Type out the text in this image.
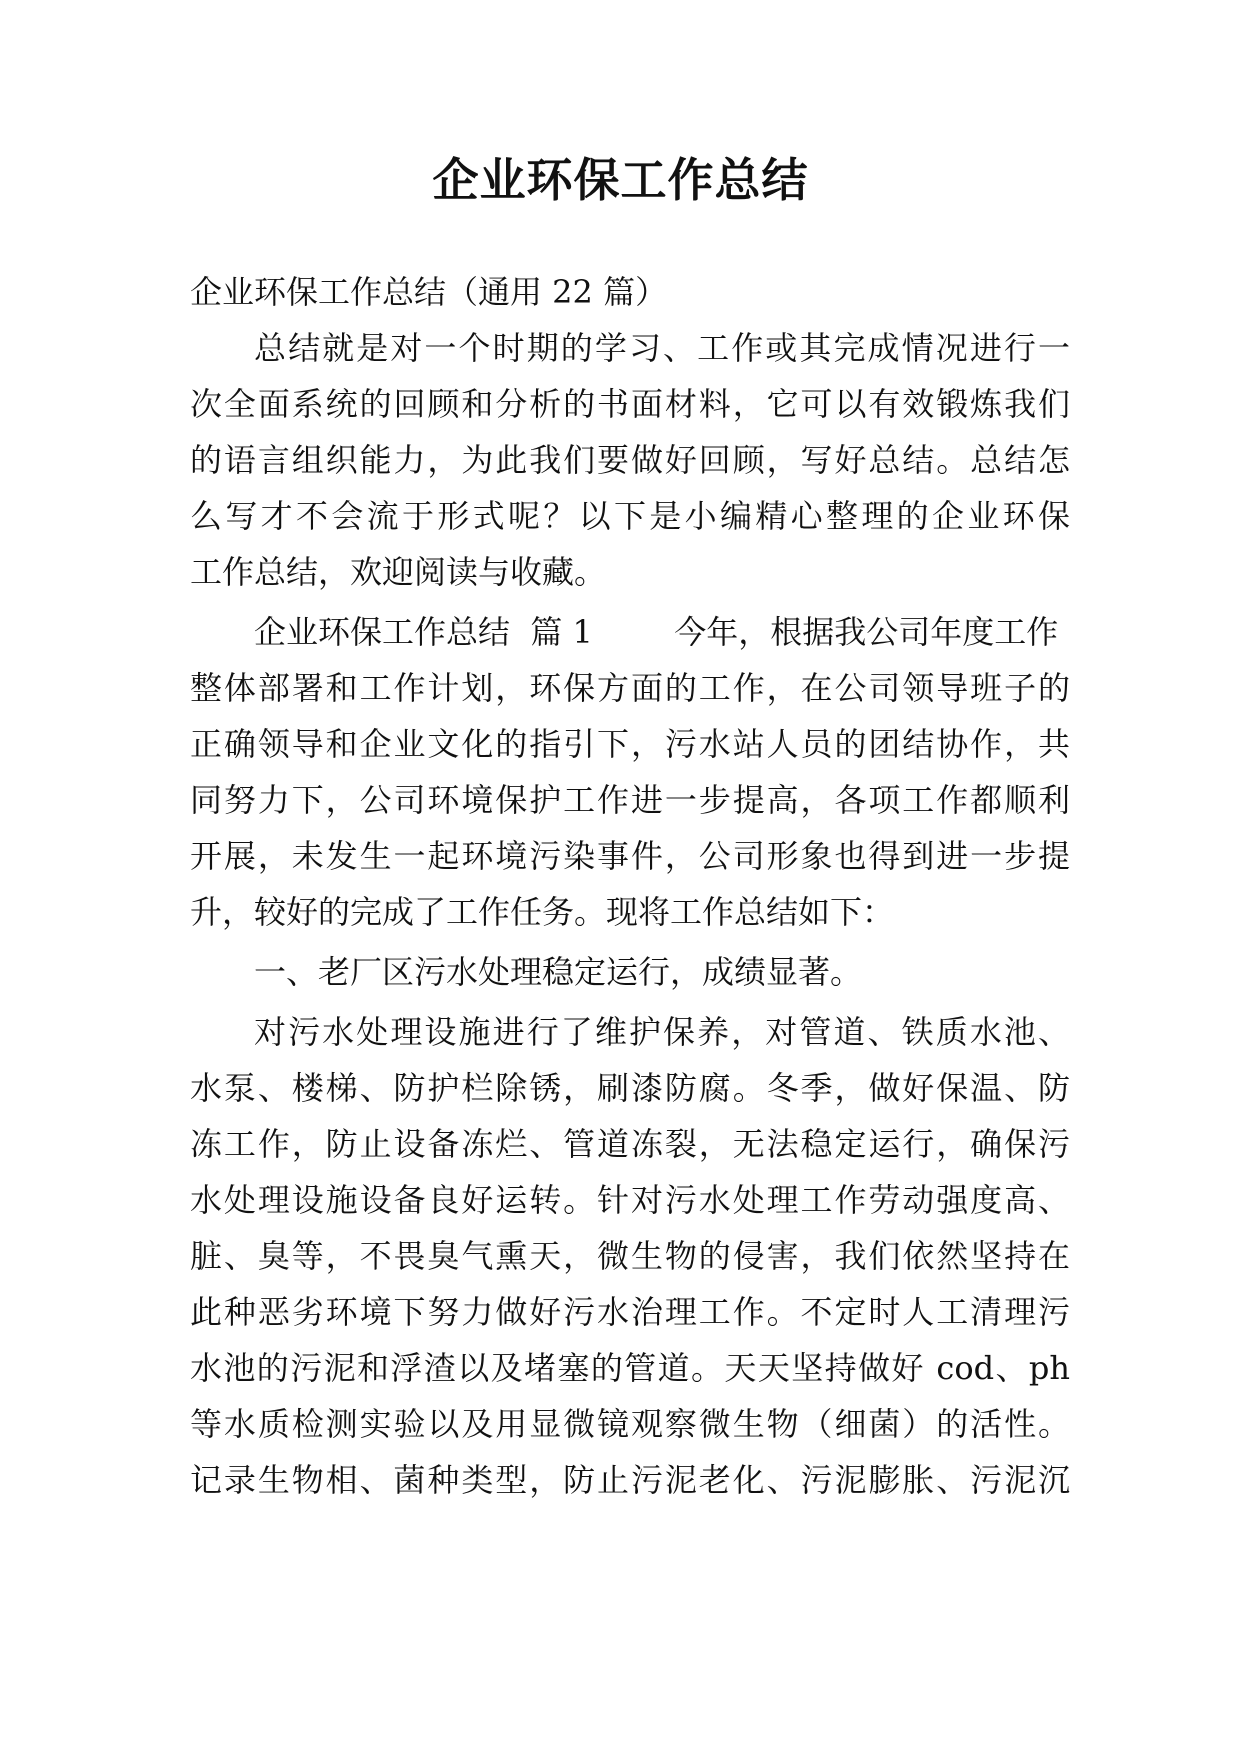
企业环保工作总结
企业环保工作总结（通用 22 篇）
总结就是对一个时期的学习、工作或其完成情况进行一
次全面系统的回顾和分析的书面材料，它可以有效锻炼我们
的语言组织能力，为此我们要做好回顾，写好总结。总结怎
么写才不会流于形式呢？以下是小编精心整理的企业环保
工作总结，欢迎阅读与收藏。
企业环保工作总结  篇 1        今年，根据我公司年度工作
整体部署和工作计划，环保方面的工作，在公司领导班子的
正确领导和企业文化的指引下，污水站人员的团结协作，共
同努力下，公司环境保护工作进一步提高，各项工作都顺利
开展，未发生一起环境污染事件，公司形象也得到进一步提
升，较好的完成了工作任务。现将工作总结如下：
一、老厂区污水处理稳定运行，成绩显著。
对污水处理设施进行了维护保养，对管道、铁质水池、
水泵、楼梯、防护栏除锈，刷漆防腐。冬季，做好保温、防
冻工作，防止设备冻烂、管道冻裂，无法稳定运行，确保污
水处理设施设备良好运转。针对污水处理工作劳动强度高、
脏、臭等，不畏臭气熏天，微生物的侵害，我们依然坚持在
此种恶劣环境下努力做好污水治理工作。不定时人工清理污
水池的污泥和浮渣以及堵塞的管道。天天坚持做好 cod、ph
等水质检测实验以及用显微镜观察微生物（细菌）的活性。
记录生物相、菌种类型，防止污泥老化、污泥膨胀、污泥沉
